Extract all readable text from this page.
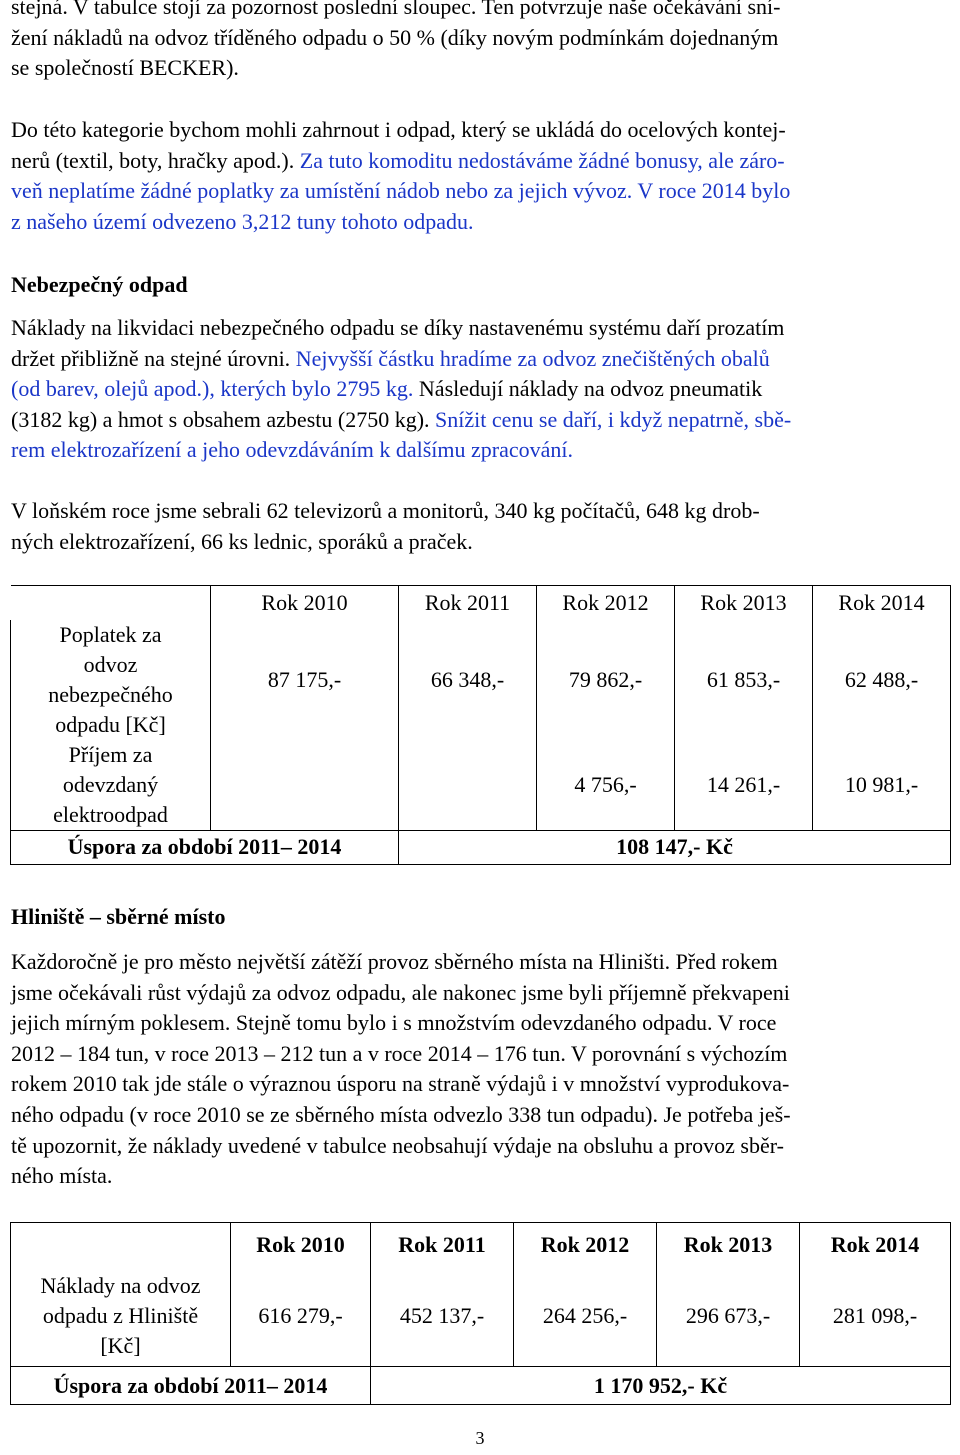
stejná. V tabulce stojí za pozornost poslední sloupec. Ten potvrzuje naše očekávání sní-

žení nákladů na odvoz tříděného odpadu o 50 % (díky novým podmínkám dojednaným

se společností BECKER).

Do této kategorie bychom mohli zahrnout i odpad, který se ukládá do ocelových kontej-

nerů (textil, boty, hračky apod.). Za tuto komoditu nedostáváme žádné bonusy, ale záro-

veň neplatíme žádné poplatky za umístění nádob nebo za jejich vývoz. V roce 2014 bylo

z našeho území odvezeno 3,212 tuny tohoto odpadu.

Nebezpečný odpad

Náklady na likvidaci nebezpečného odpadu se díky nastavenému systému daří prozatím

držet přibližně na stejné úrovni. Nejvyšší částku hradíme za odvoz znečištěných obalů

(od barev, olejů apod.), kterých bylo 2795 kg. Následují náklady na odvoz pneumatik

(3182 kg) a hmot s obsahem azbestu (2750 kg). Snížit cenu se daří, i když nepatrně, sbě-

rem elektrozařízení a jeho odevzdáváním k dalšímu zpracování.

V loňském roce jsme sebrali 62 televizorů a monitorů, 340 kg počítačů, 648 kg drob-

ných elektrozařízení, 66 ks lednic, sporáků a praček.

	Rok 2010	Rok 2011	Rok 2012	Rok 2013	Rok 2014

Poplatek za
odvoz
nebezpečného
odpadu [Kč]	87 175,-	66 348,-	79 862,-	61 853,-	62 488,-

Příjem za
odevzdaný
elektroodpad			4 756,-	14 261,-	10 981,-
Úspora za období 2011– 2014		108 147,- Kč			
Hliniště – sběrné místo

Každoročně je pro město největší zátěží provoz sběrného místa na Hliništi. Před rokem

jsme očekávali růst výdajů za odvoz odpadu, ale nakonec jsme byli příjemně překvapeni

jejich mírným poklesem. Stejně tomu bylo i s množstvím odevzdaného odpadu. V roce

2012 – 184 tun, v roce 2013 – 212 tun a v roce 2014 – 176 tun. V porovnání s výchozím

rokem 2010 tak jde stále o výraznou úsporu na straně výdajů i v množství vyprodukova-

ného odpadu (v roce 2010 se ze sběrného místa odvezlo 338 tun odpadu). Je potřeba ješ-

tě upozornit, že náklady uvedené v tabulce neobsahují výdaje na obsluhu a provoz sběr-

ného místa.

	Rok 2010	Rok 2011	Rok 2012	Rok 2013	Rok 2014

Náklady na odvoz
odpadu z Hliniště
[Kč]	616 279,-	452 137,-	264 256,-	296 673,-	281 098,-
Úspora za období 2011– 2014		1 170 952,- Kč			
3
